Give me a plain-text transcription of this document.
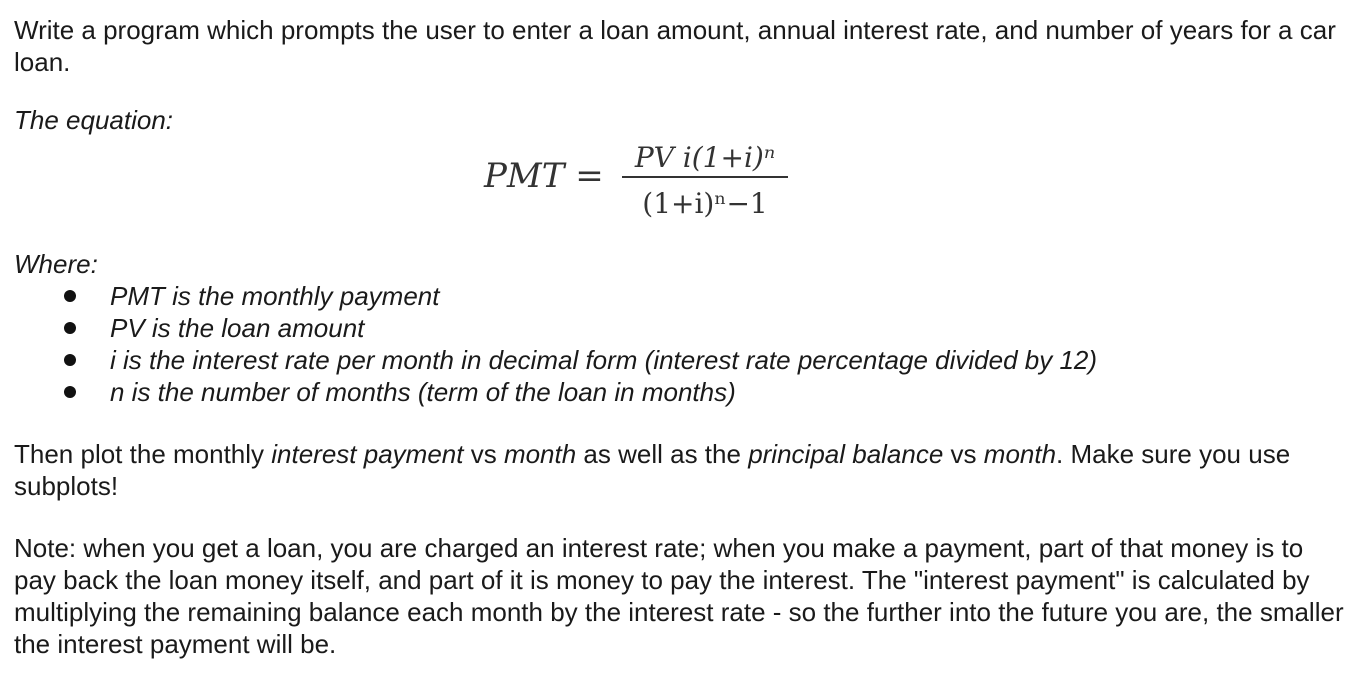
Write a program which prompts the user to enter a loan amount, annual interest rate, and number of years for a car loan.

The equation:

PMT =	PV i(1+i)ⁿ
(1+i)ⁿ−1

Where:

PMT is the monthly payment
PV is the loan amount
i is the interest rate per month in decimal form (interest rate percentage divided by 12)
n is the number of months (term of the loan in months)

Then plot the monthly interest payment vs month as well as the principal balance vs month. Make sure you use subplots!

Note: when you get a loan, you are charged an interest rate; when you make a payment, part of that money is to pay back the loan money itself, and part of it is money to pay the interest. The "interest payment" is calculated by multiplying the remaining balance each month by the interest rate - so the further into the future you are, the smaller the interest payment will be.
